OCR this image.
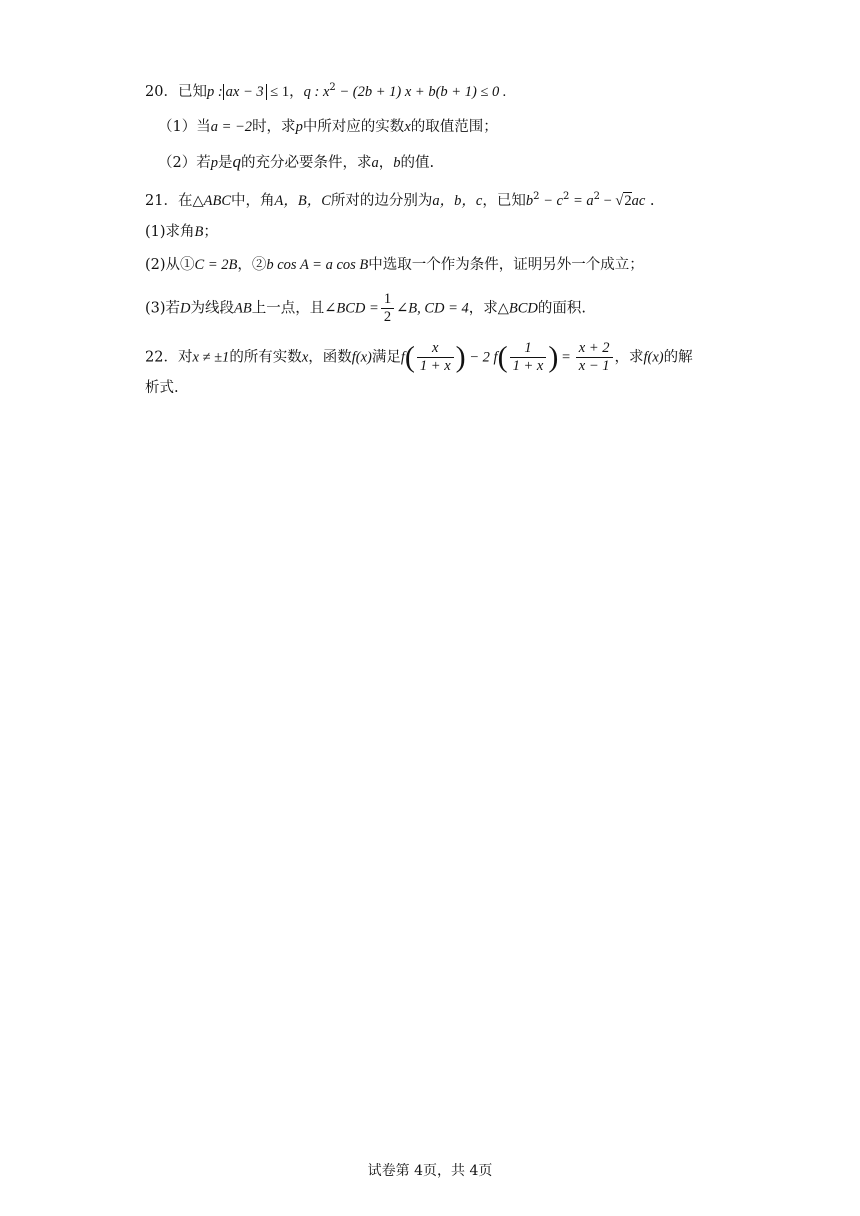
20．已知p : ax − 3 ≤ 1，q : $x^2 - (2b + 1) x + b(b + 1) \le 0$ .
（1）当a = −2时，求p中所对应的实数x的取值范围；
（2）若p是q的充分必要条件，求a，b的值.
21．在△ABC中，角A，B，C所对的边分别为a，b，c，已知$b^2 - c^2 = a^2 - √2ac$ .
(1)求角B；
(2)从①C = 2B，②b cos A = a cos B中选取一个作为条件，证明另外一个成立；
(3)若D为线段AB上一点，且∠BCD = $\frac{1}{2}$ ∠B, CD = 4，求△BCD的面积.
22．对x ≠ ±1的所有实数x，函数f(x)满足$f( \frac{x}{1 + x}$ ) − 2 $f( \frac{1}{1 + x}$ ) = $\frac{x + 2}{x - 1}$ ，求f(x)的解
析式.
试卷第 4页，共 4页
